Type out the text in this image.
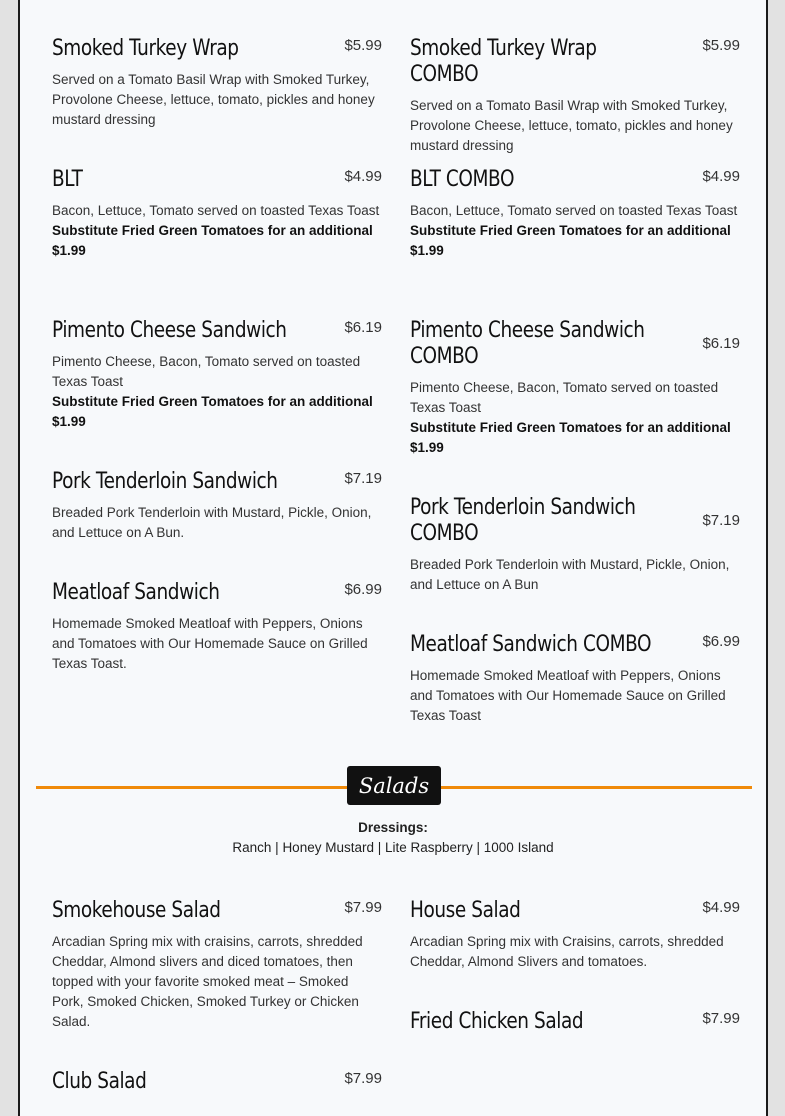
Smoked Turkey Wrap	$5.99
Served on a Tomato Basil Wrap with Smoked Turkey, Provolone Cheese, lettuce, tomato, pickles and honey mustard dressing
BLT	$4.99
Bacon, Lettuce, Tomato served on toasted Texas Toast
Substitute Fried Green Tomatoes for an additional $1.99
Pimento Cheese Sandwich	$6.19
Pimento Cheese, Bacon, Tomato served on toasted Texas Toast
Substitute Fried Green Tomatoes for an additional $1.99
Pork Tenderloin Sandwich	$7.19
Breaded Pork Tenderloin with Mustard, Pickle, Onion, and Lettuce on A Bun.
Meatloaf Sandwich	$6.99
Homemade Smoked Meatloaf with Peppers, Onions and Tomatoes with Our Homemade Sauce on Grilled Texas Toast.
Smoked Turkey Wrap COMBO
$5.99
Served on a Tomato Basil Wrap with Smoked Turkey, Provolone Cheese, lettuce, tomato, pickles and honey mustard dressing
BLT COMBO	$4.99
Bacon, Lettuce, Tomato served on toasted Texas Toast
Substitute Fried Green Tomatoes for an additional $1.99
Pimento Cheese Sandwich COMBO
$6.19
Pimento Cheese, Bacon, Tomato served on toasted Texas Toast
Substitute Fried Green Tomatoes for an additional $1.99
Pork Tenderloin Sandwich COMBO
$7.19
Breaded Pork Tenderloin with Mustard, Pickle, Onion, and Lettuce on A Bun
Meatloaf Sandwich COMBO	$6.99
Homemade Smoked Meatloaf with Peppers, Onions and Tomatoes with Our Homemade Sauce on Grilled Texas Toast
Salads
Dressings:
Ranch | Honey Mustard | Lite Raspberry | 1000 Island
Smokehouse Salad	$7.99
Arcadian Spring mix with craisins, carrots, shredded Cheddar, Almond slivers and diced tomatoes, then topped with your favorite smoked meat – Smoked Pork, Smoked Chicken, Smoked Turkey or Chicken Salad.
Club Salad	$7.99
House Salad	$4.99
Arcadian Spring mix with Craisins, carrots, shredded Cheddar, Almond Slivers and tomatoes.
Fried Chicken Salad	$7.99
